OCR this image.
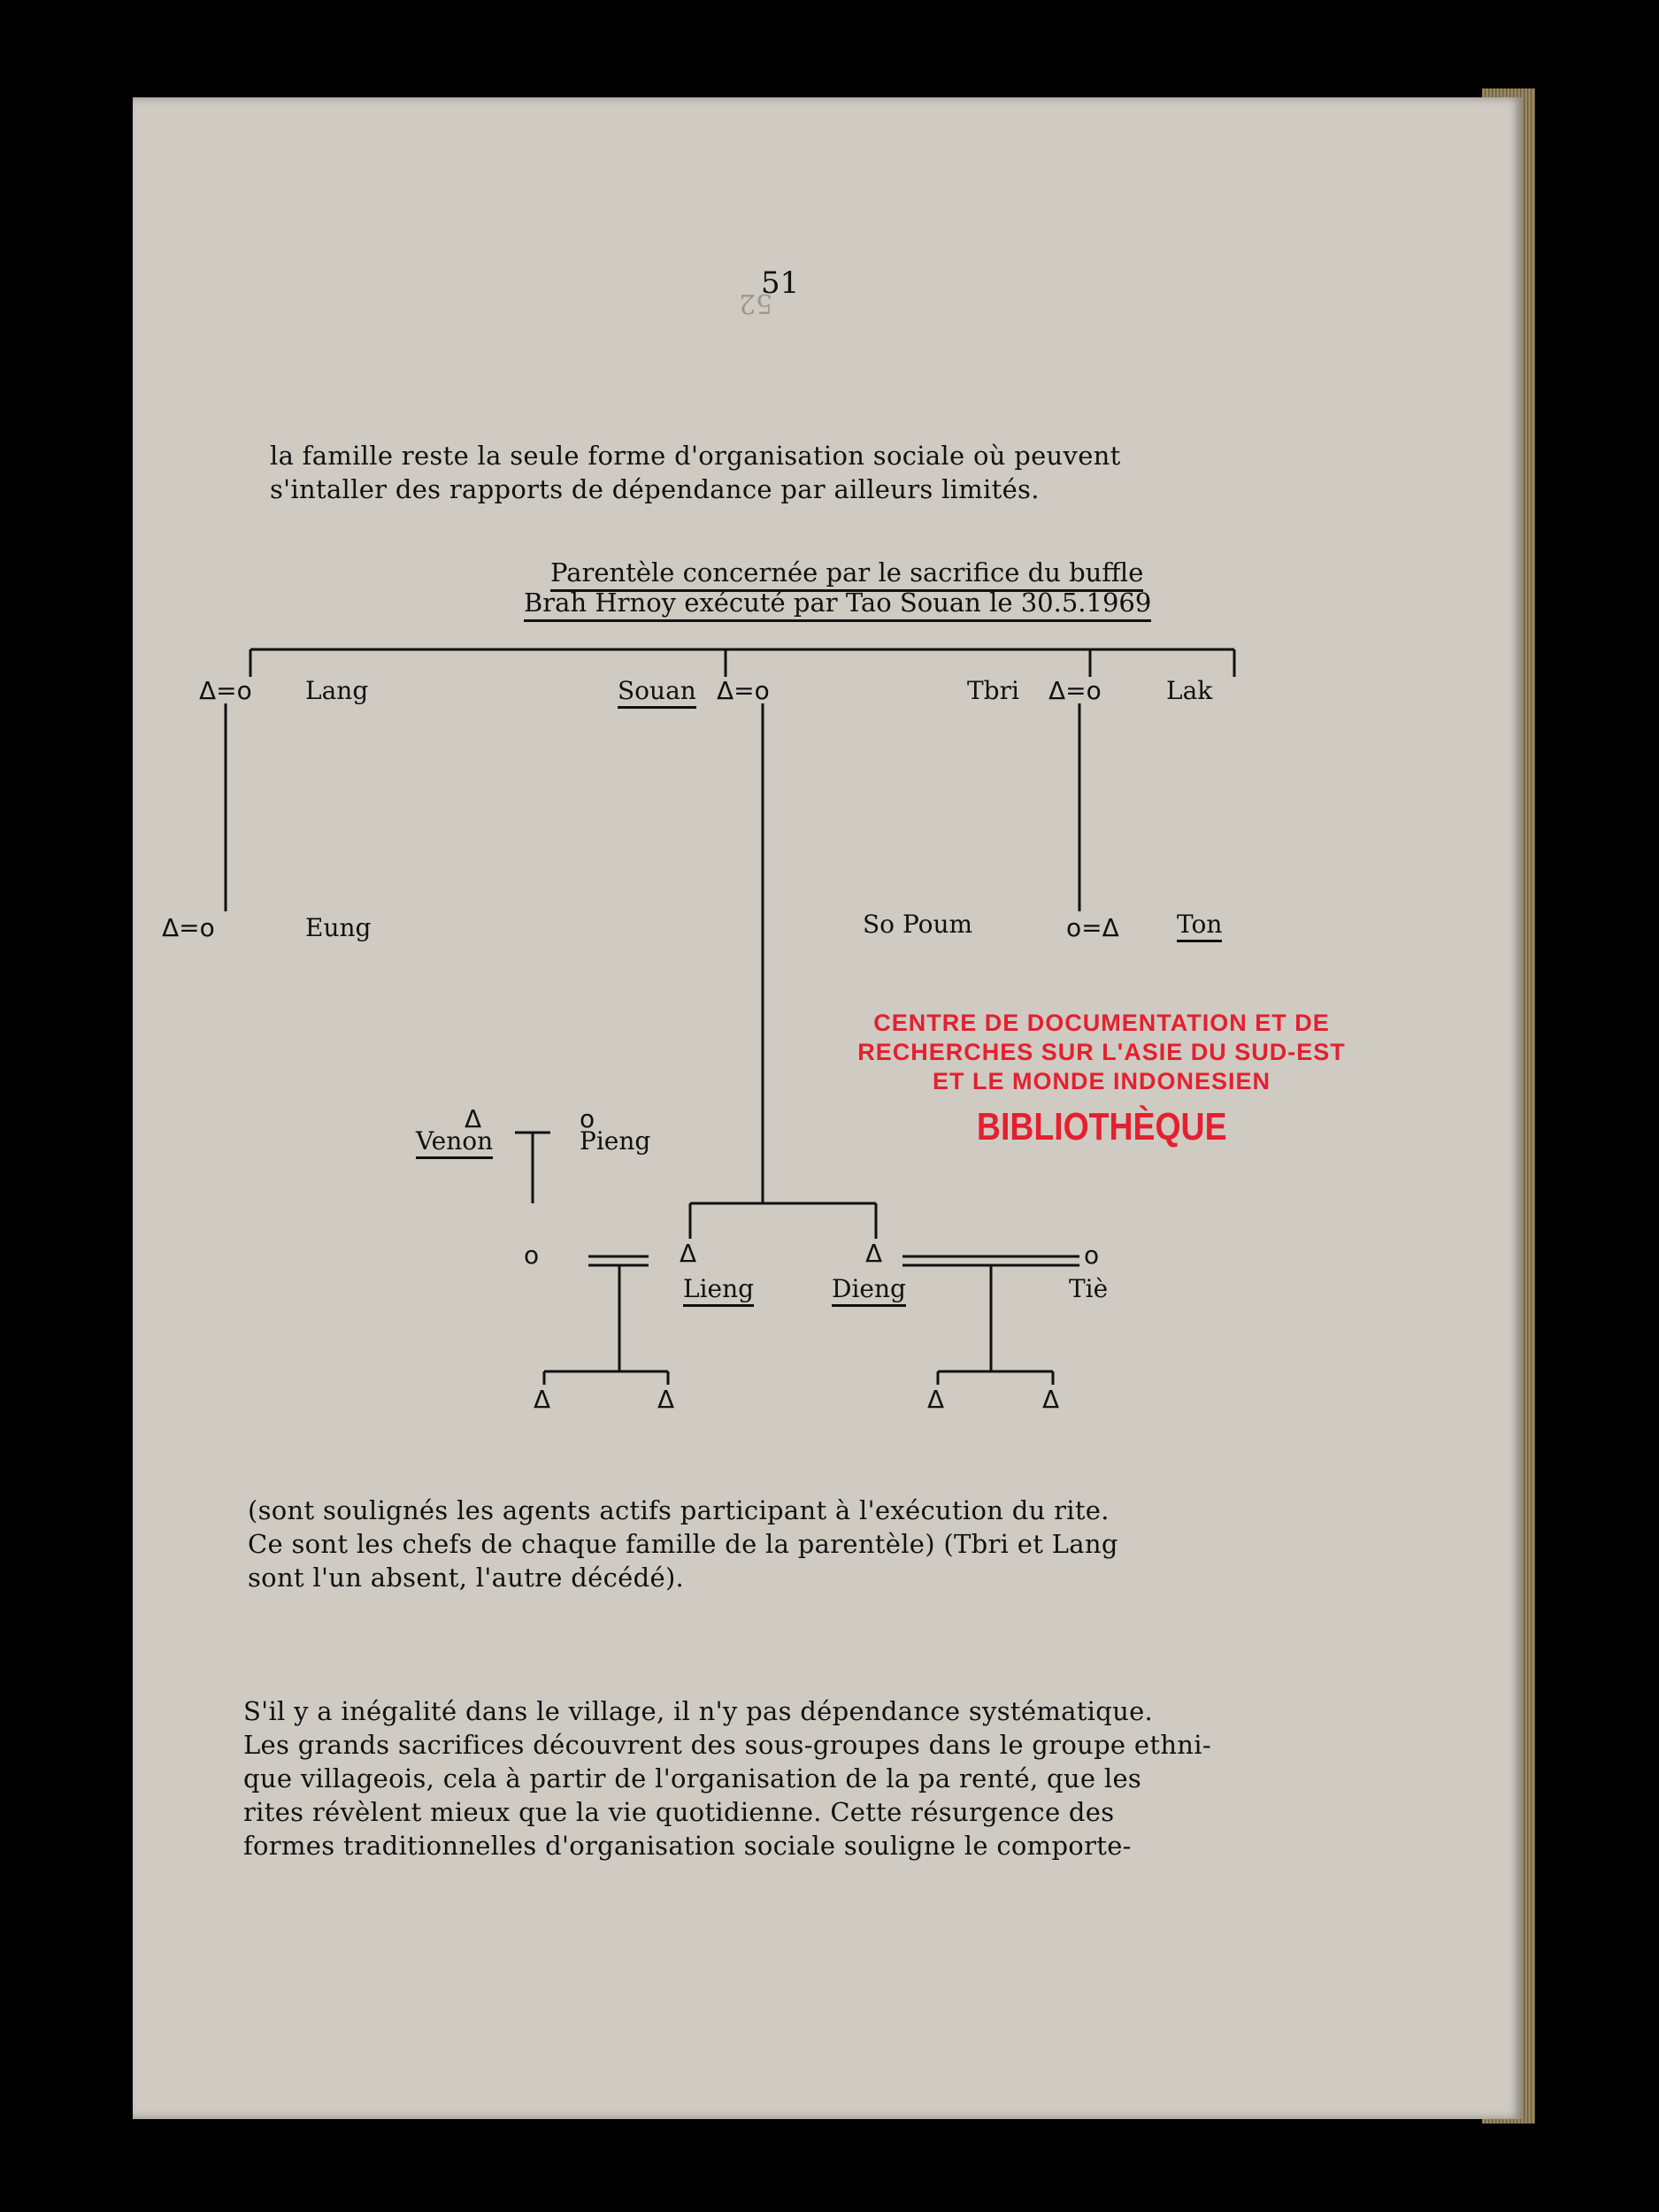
51
52
la famille reste la seule forme d'organisation sociale où peuvent
s'intaller des rapports de dépendance par ailleurs limités.
Parentèle concernée par le sacrifice du buffle
Brah Hrnoy exécuté par Tao Souan le 30.5.1969
Δ=o Lang	Souan Δ=o	Tbri Δ=o	Lak
Δ=o	Eung	So Poum	o=Δ Ton
Δ	o
Venon	Pieng
o	Δ	Δ	o
Lieng	Dieng	Tiè
Δ	Δ	Δ	Δ
CENTRE DE DOCUMENTATION ET DE
RECHERCHES SUR L'ASIE DU SUD-EST
ET LE MONDE INDONESIEN
BIBLIOTHÈQUE
(sont soulignés les agents actifs participant à l'exécution du rite.
Ce sont les chefs de chaque famille de la parentèle) (Tbri et Lang
sont l'un absent, l'autre décédé).
S'il y a inégalité dans le village, il n'y pas dépendance systématique.
Les grands sacrifices découvrent des sous-groupes dans le groupe ethni-
que villageois, cela à partir de l'organisation de la pa renté, que les
rites révèlent mieux que la vie quotidienne. Cette résurgence des
formes traditionnelles d'organisation sociale souligne le comporte-
